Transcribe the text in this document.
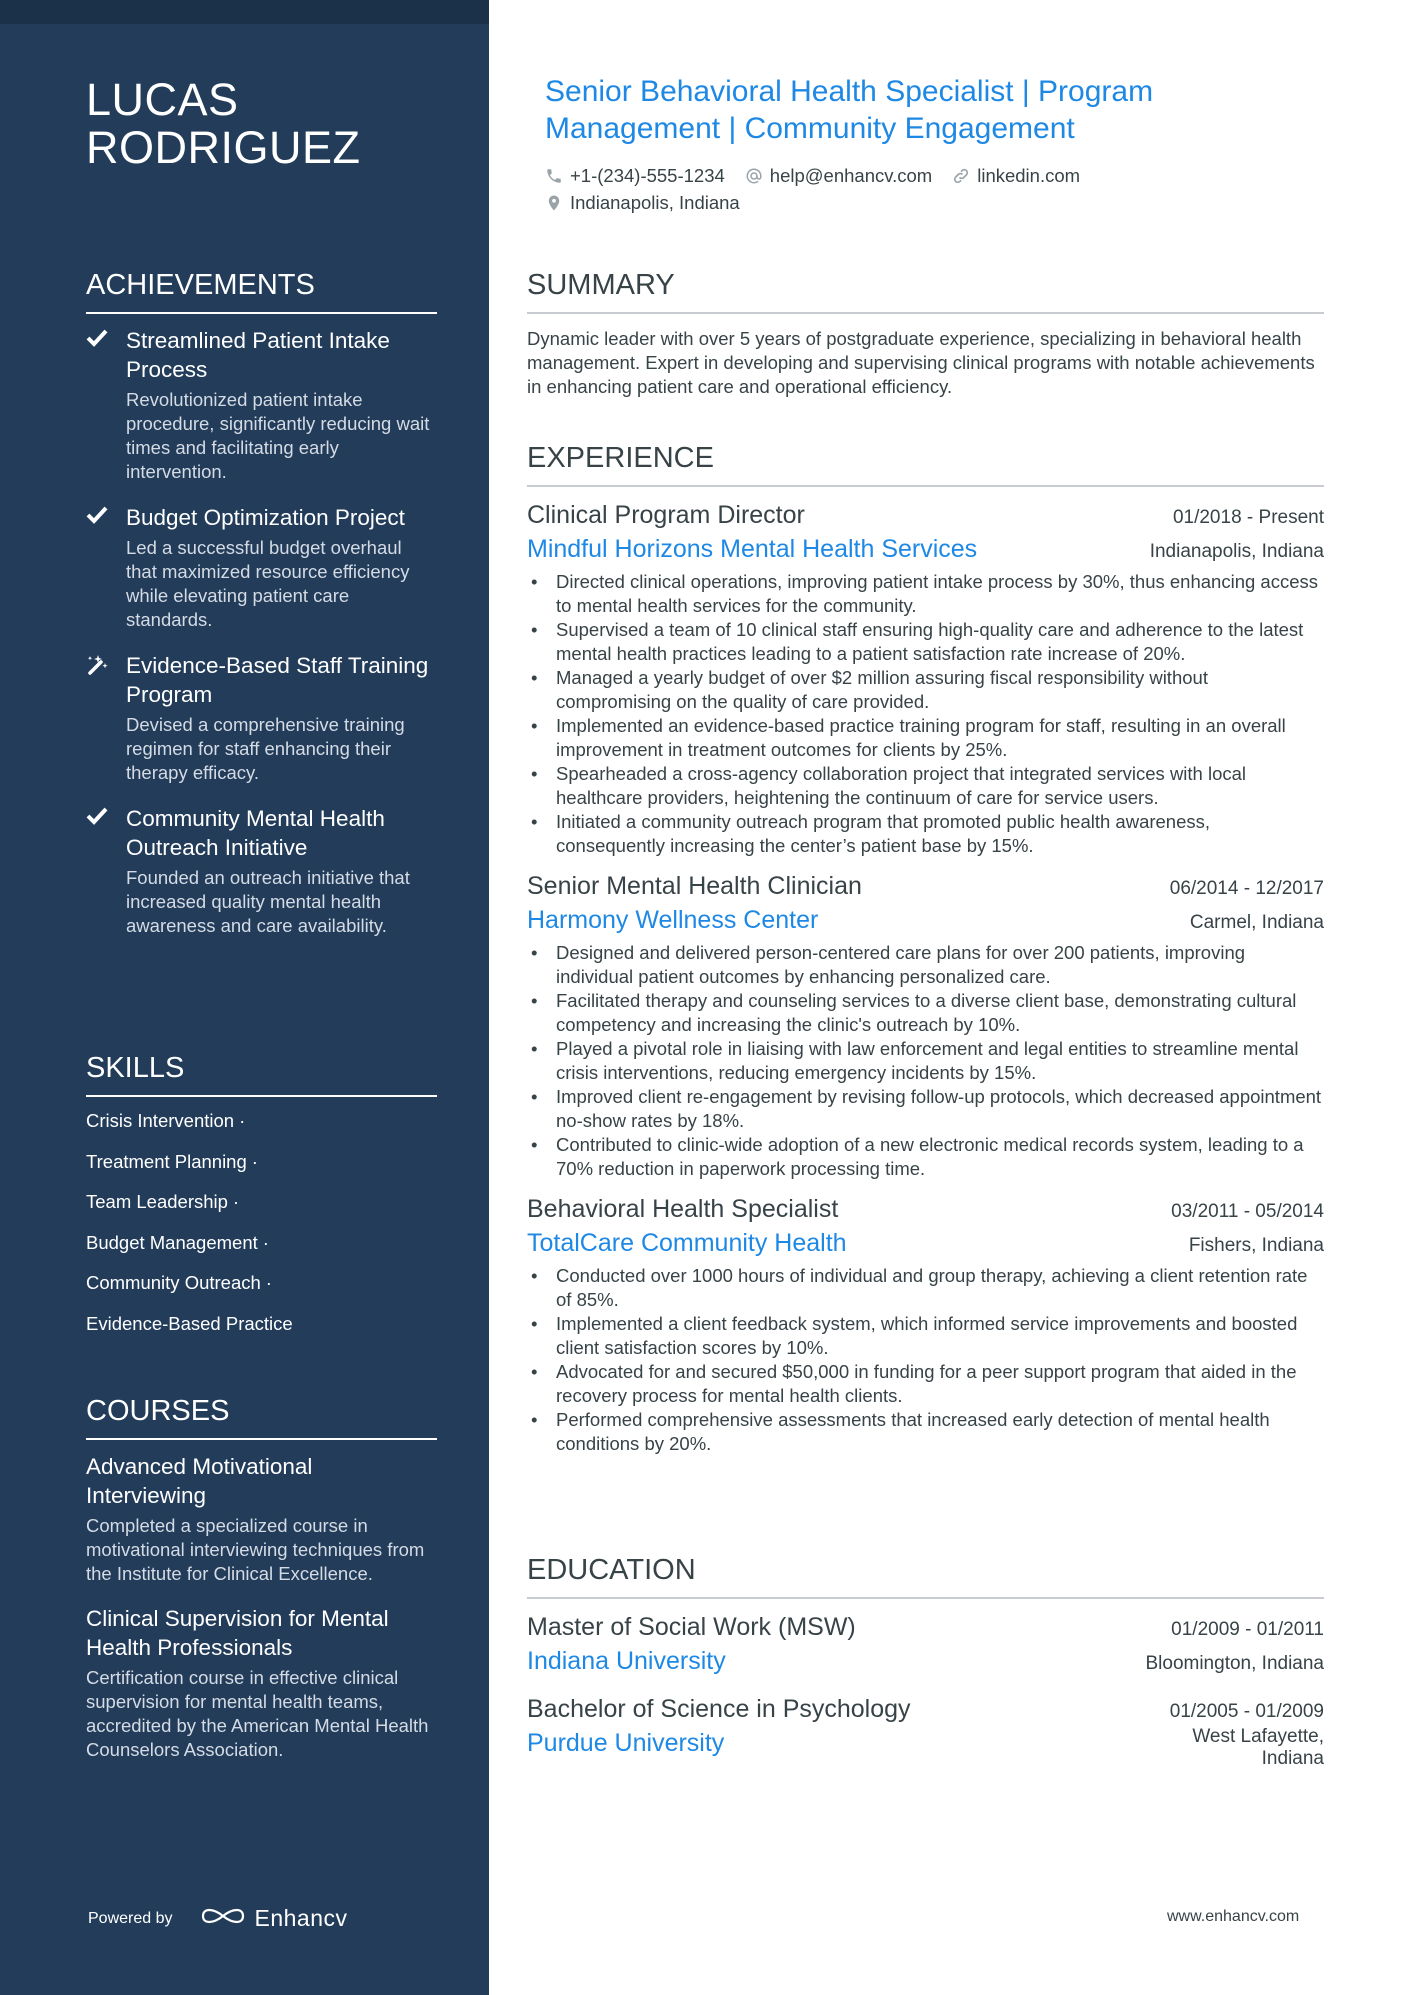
LUCAS
RODRIGUEZ
ACHIEVEMENTS
Streamlined Patient Intake Process
Revolutionized patient intake procedure, significantly reducing wait times and facilitating early intervention.
Budget Optimization Project
Led a successful budget overhaul that maximized resource efficiency while elevating patient care standards.
Evidence-Based Staff Training Program
Devised a comprehensive training regimen for staff enhancing their therapy efficacy.
Community Mental Health Outreach Initiative
Founded an outreach initiative that increased quality mental health awareness and care availability.
SKILLS
Crisis Intervention ·
Treatment Planning ·
Team Leadership ·
Budget Management ·
Community Outreach ·
Evidence-Based Practice
COURSES
Advanced Motivational Interviewing
Completed a specialized course in motivational interviewing techniques from the Institute for Clinical Excellence.
Clinical Supervision for Mental Health Professionals
Certification course in effective clinical supervision for mental health teams, accredited by the American Mental Health Counselors Association.
Powered by	Enhancv
Senior Behavioral Health Specialist | Program Management | Community Engagement
+1-(234)-555-1234 help@enhancv.com linkedin.com
Indianapolis, Indiana
SUMMARY
Dynamic leader with over 5 years of postgraduate experience, specializing in behavioral health management. Expert in developing and supervising clinical programs with notable achievements in enhancing patient care and operational efficiency.
EXPERIENCE
Clinical Program Director	01/2018 - Present
Mindful Horizons Mental Health Services	Indianapolis, Indiana
• Directed clinical operations, improving patient intake process by 30%, thus enhancing access to mental health services for the community.
• Supervised a team of 10 clinical staff ensuring high-quality care and adherence to the latest mental health practices leading to a patient satisfaction rate increase of 20%.
• Managed a yearly budget of over $2 million assuring fiscal responsibility without compromising on the quality of care provided.
• Implemented an evidence-based practice training program for staff, resulting in an overall improvement in treatment outcomes for clients by 25%.
• Spearheaded a cross-agency collaboration project that integrated services with local healthcare providers, heightening the continuum of care for service users.
• Initiated a community outreach program that promoted public health awareness, consequently increasing the center’s patient base by 15%.
Senior Mental Health Clinician	06/2014 - 12/2017
Harmony Wellness Center	Carmel, Indiana
• Designed and delivered person-centered care plans for over 200 patients, improving individual patient outcomes by enhancing personalized care.
• Facilitated therapy and counseling services to a diverse client base, demonstrating cultural competency and increasing the clinic's outreach by 10%.
• Played a pivotal role in liaising with law enforcement and legal entities to streamline mental crisis interventions, reducing emergency incidents by 15%.
• Improved client re-engagement by revising follow-up protocols, which decreased appointment no-show rates by 18%.
• Contributed to clinic-wide adoption of a new electronic medical records system, leading to a 70% reduction in paperwork processing time.
Behavioral Health Specialist	03/2011 - 05/2014
TotalCare Community Health	Fishers, Indiana
• Conducted over 1000 hours of individual and group therapy, achieving a client retention rate of 85%.
• Implemented a client feedback system, which informed service improvements and boosted client satisfaction scores by 10%.
• Advocated for and secured $50,000 in funding for a peer support program that aided in the recovery process for mental health clients.
• Performed comprehensive assessments that increased early detection of mental health conditions by 20%.
EDUCATION
Master of Social Work (MSW)	01/2009 - 01/2011
Indiana University	Bloomington, Indiana
Bachelor of Science in Psychology	01/2005 - 01/2009
Purdue University	West Lafayette, Indiana
www.enhancv.com
